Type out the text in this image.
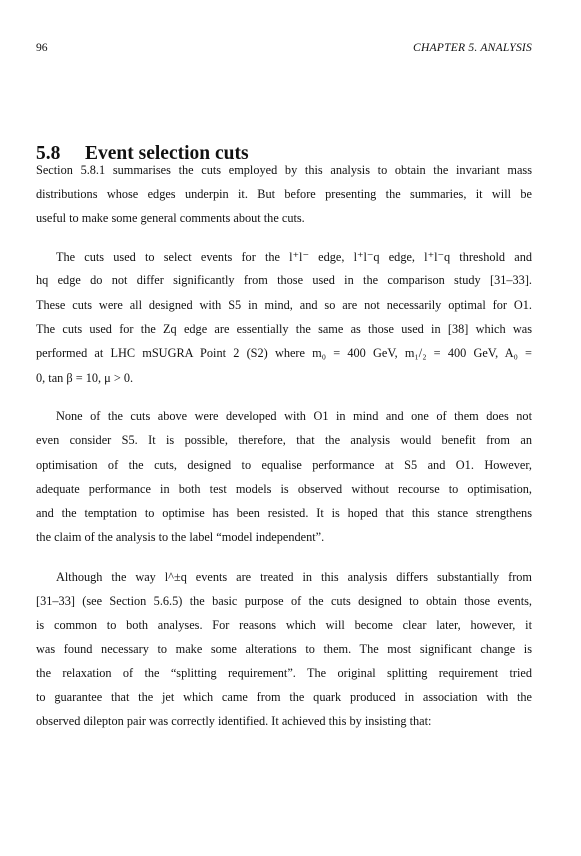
96	CHAPTER 5. ANALYSIS
5.8 Event selection cuts
Section 5.8.1 summarises the cuts employed by this analysis to obtain the invariant mass
distributions whose edges underpin it. But before presenting the summaries, it will be
useful to make some general comments about the cuts.
The cuts used to select events for the l⁺l⁻ edge, l⁺l⁻q edge, l⁺l⁻q threshold and
hq edge do not differ significantly from those used in the comparison study [31–33].
These cuts were all designed with S5 in mind, and so are not necessarily optimal for O1.
The cuts used for the Zq edge are essentially the same as those used in [38] which was
performed at LHC mSUGRA Point 2 (S2) where m₀ = 400 GeV, m₁/₂ = 400 GeV, A₀ =
0, tan β = 10, μ > 0.
None of the cuts above were developed with O1 in mind and one of them does not
even consider S5. It is possible, therefore, that the analysis would benefit from an
optimisation of the cuts, designed to equalise performance at S5 and O1. However,
adequate performance in both test models is observed without recourse to optimisation,
and the temptation to optimise has been resisted. It is hoped that this stance strengthens
the claim of the analysis to the label “model independent”.
Although the way l^±q events are treated in this analysis differs substantially from
[31–33] (see Section 5.6.5) the basic purpose of the cuts designed to obtain those events,
is common to both analyses. For reasons which will become clear later, however, it
was found necessary to make some alterations to them. The most significant change is
the relaxation of the “splitting requirement”. The original splitting requirement tried
to guarantee that the jet which came from the quark produced in association with the
observed dilepton pair was correctly identified. It achieved this by insisting that:
